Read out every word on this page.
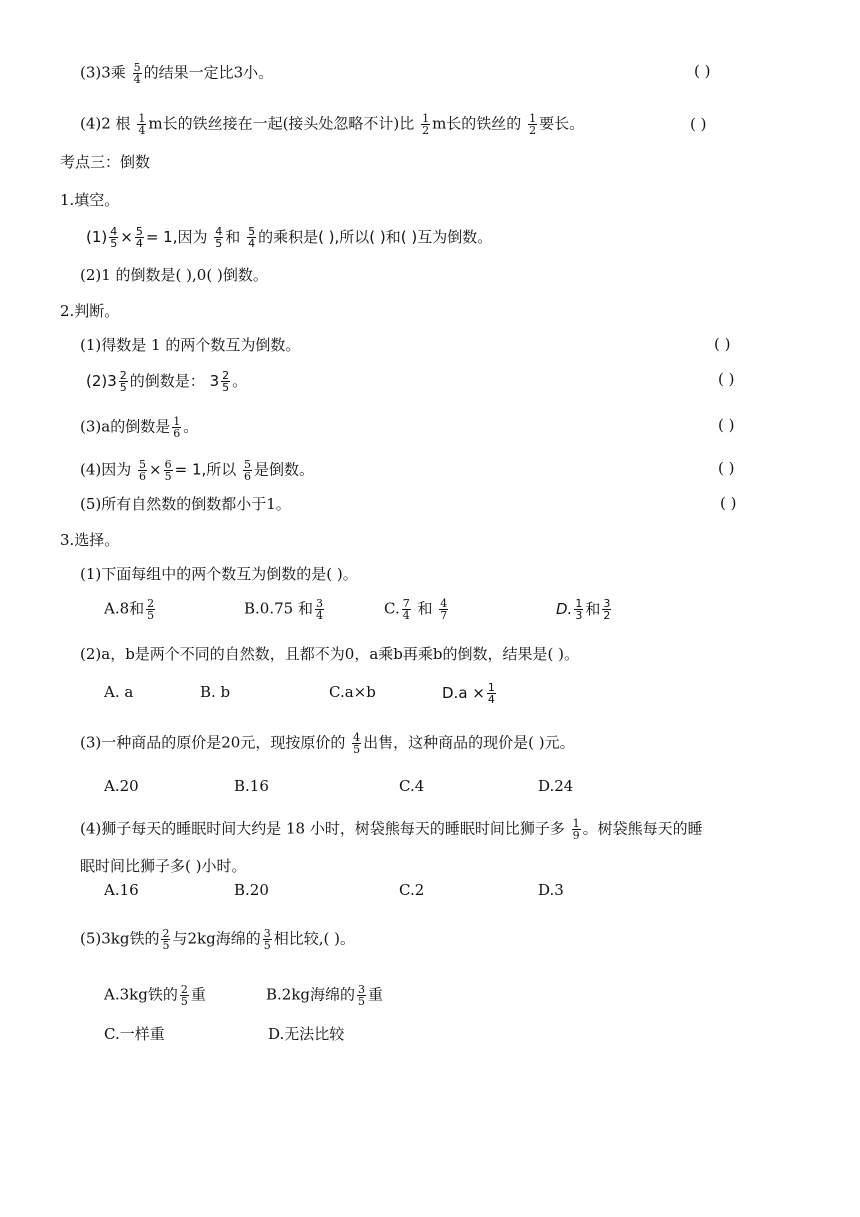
(3)3乘 $\frac{5}{4}$ 的结果一定比3小。	( )
(4)2 根 $\frac{1}{4}$ m长的铁丝接在一起(接头处忽略不计)比 $\frac{1}{2}$ m长的铁丝的 $\frac{1}{2}$ 要长。	( )
考点三：倒数
1.填空。
$(1) \frac{4}{5} \times \frac{5}{4} = 1$,因为 $\frac{4}{5}$ 和 $\frac{5}{4}$ 的乘积是( ),所以( )和( )互为倒数。
(2)1 的倒数是( ),0( )倒数。
2.判断。
(1)得数是 1 的两个数互为倒数。	( )
$(2)3 \frac{2}{5}$ 的倒数是： $3 \frac{2}{5}$ 。	( )
(3)a的倒数是 $\frac{1}{6}$ 。	( )
(4)因为 $\frac{5}{6} \times \frac{6}{5} = 1$,所以 $\frac{5}{6}$ 是倒数。	( )
(5)所有自然数的倒数都小于1。	( )
3.选择。
(1)下面每组中的两个数互为倒数的是( )。
A.8和 $\frac{2}{5}$	B.0.75 和 $\frac{3}{4}$	C. $\frac{7}{4}$ 和 $\frac{4}{7}$	D. $\frac{1}{3}$ 和 $\frac{3}{2}$
(2)a，b是两个不同的自然数，且都不为0，a乘b再乘b的倒数，结果是( )。
A. a	B. b	C.a×b	$D.a \times \frac{1}{4}$
(3)一种商品的原价是20元，现按原价的 $\frac{4}{5}$ 出售，这种商品的现价是( )元。
A.20	B.16	C.4	D.24
(4)狮子每天的睡眠时间大约是 18 小时，树袋熊每天的睡眠时间比狮子多 $\frac{1}{9}$ 。树袋熊每天的睡
眠时间比狮子多( )小时。
A.16	B.20	C.2	D.3
(5)3kg铁的 $\frac{2}{5}$ 与2kg海绵的 $\frac{3}{5}$ 相比较,( )。
A.3kg铁的 $\frac{2}{5}$ 重	B.2kg海绵的 $\frac{3}{5}$ 重
C.一样重	D.无法比较
